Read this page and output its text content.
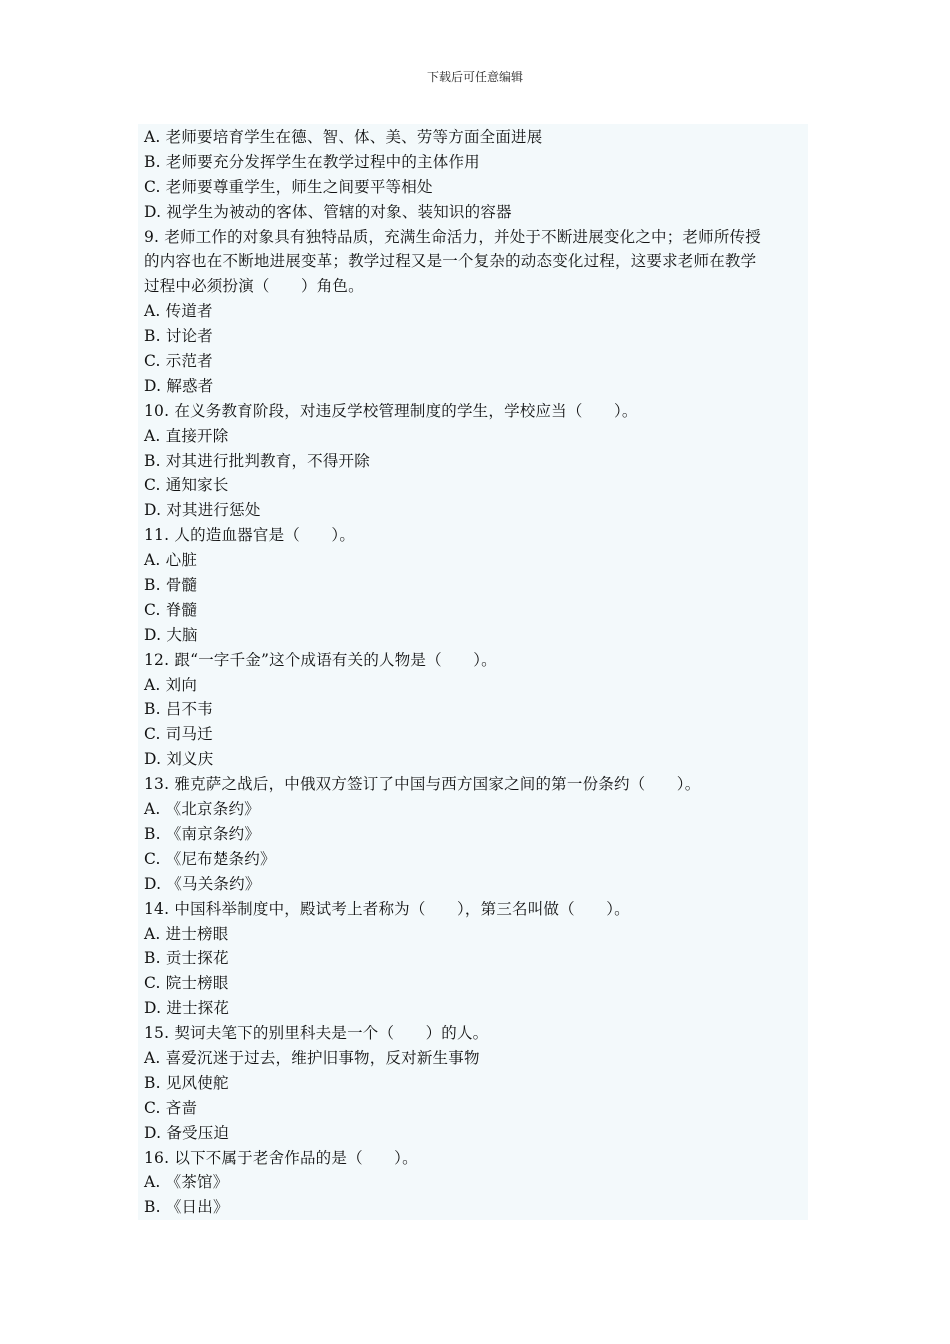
下载后可任意编辑
A. 老师要培育学生在德、智、体、美、劳等方面全面进展
B. 老师要充分发挥学生在教学过程中的主体作用
C. 老师要尊重学生，师生之间要平等相处
D. 视学生为被动的客体、管辖的对象、装知识的容器
9. 老师工作的对象具有独特品质，充满生命活力，并处于不断进展变化之中；老师所传授
的内容也在不断地进展变革；教学过程又是一个复杂的动态变化过程，这要求老师在教学
过程中必须扮演（　　）角色。
A. 传道者
B. 讨论者
C. 示范者
D. 解惑者
10. 在义务教育阶段，对违反学校管理制度的学生，学校应当（　　）。
A. 直接开除
B. 对其进行批判教育，不得开除
C. 通知家长
D. 对其进行惩处
11. 人的造血器官是（　　）。
A. 心脏
B. 骨髓
C. 脊髓
D. 大脑
12. 跟“一字千金”这个成语有关的人物是（　　）。
A. 刘向
B. 吕不韦
C. 司马迁
D. 刘义庆
13. 雅克萨之战后，中俄双方签订了中国与西方国家之间的第一份条约（　　）。
A. 《北京条约》
B. 《南京条约》
C. 《尼布楚条约》
D. 《马关条约》
14. 中国科举制度中，殿试考上者称为（　　），第三名叫做（　　）。
A. 进士榜眼
B. 贡士探花
C. 院士榜眼
D. 进士探花
15. 契诃夫笔下的别里科夫是一个（　　）的人。
A. 喜爱沉迷于过去，维护旧事物，反对新生事物
B. 见风使舵
C. 吝啬
D. 备受压迫
16. 以下不属于老舍作品的是（　　）。
A. 《茶馆》
B. 《日出》
